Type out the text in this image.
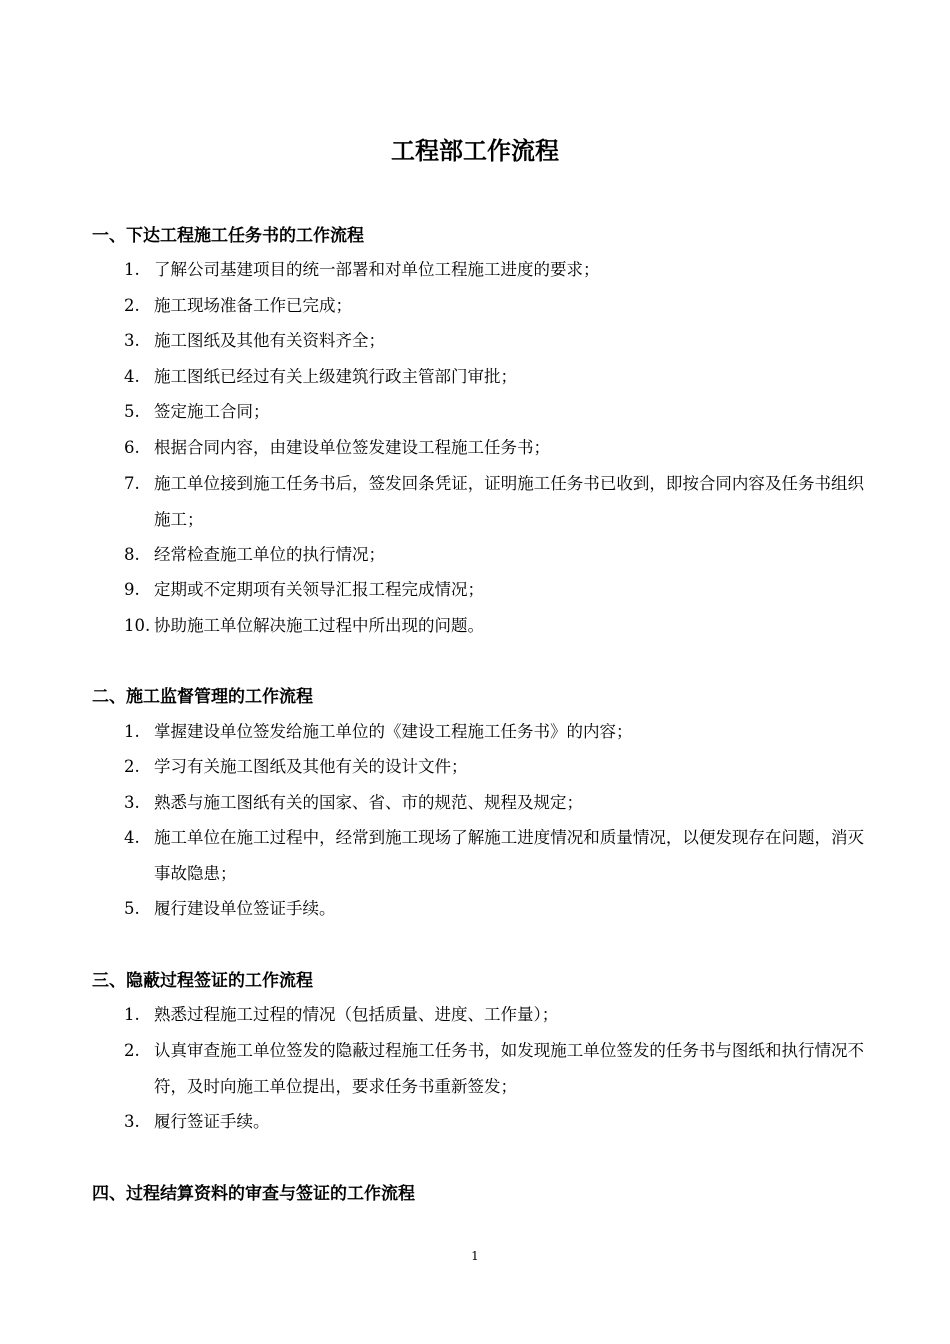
工程部工作流程
一、下达工程施工任务书的工作流程

1. 了解公司基建项目的统一部署和对单位工程施工进度的要求；

2. 施工现场准备工作已完成；

3. 施工图纸及其他有关资料齐全；

4. 施工图纸已经过有关上级建筑行政主管部门审批；

5. 签定施工合同；

6. 根据合同内容，由建设单位签发建设工程施工任务书；

7. 施工单位接到施工任务书后，签发回条凭证，证明施工任务书已收到，即按合同内容及任务书组织施工；

8. 经常检查施工单位的执行情况；

9. 定期或不定期项有关领导汇报工程完成情况；

10. 协助施工单位解决施工过程中所出现的问题。

二、施工监督管理的工作流程

1. 掌握建设单位签发给施工单位的《建设工程施工任务书》的内容；

2. 学习有关施工图纸及其他有关的设计文件；

3. 熟悉与施工图纸有关的国家、省、市的规范、规程及规定；

4. 施工单位在施工过程中，经常到施工现场了解施工进度情况和质量情况，以便发现存在问题，消灭事故隐患；

5. 履行建设单位签证手续。

三、隐蔽过程签证的工作流程

1. 熟悉过程施工过程的情况（包括质量、进度、工作量）；

2. 认真审查施工单位签发的隐蔽过程施工任务书，如发现施工单位签发的任务书与图纸和执行情况不符，及时向施工单位提出，要求任务书重新签发；

3. 履行签证手续。

四、过程结算资料的审查与签证的工作流程
1
